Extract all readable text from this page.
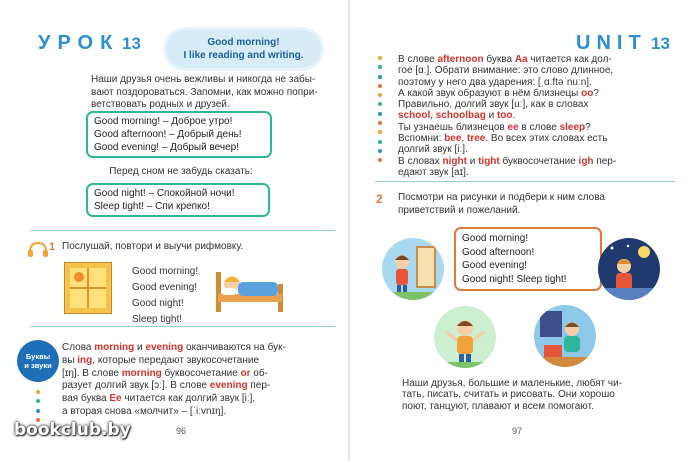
УРОК 13	Good morning!
I like reading and writing.
Наши друзья очень вежливы и никогда не забы-
вают поздороваться. Запомни, как можно попри-
ветствовать родных и друзей.
Good morning! – Доброе утро!
Good afternoon! – Добрый день!
Good evening! – Добрый вечер!
Перед сном не забудь сказать:
Good night! – Спокойной ночи!
Sleep tight! – Спи крепко!
1 Послушай, повтори и выучи рифмовку.
Good morning!
Good evening!
Good night!
Sleep tight!
Буквы
и звуки
Слова morning и evening оканчиваются на бук-
вы ing, которые передают звукосочетание
[ɪŋ]. В слове morning буквосочетание or об-
разует долгий звук [ɔː]. В слове evening пер-
вая буква Ee читается как долгий звук [iː],
а вторая снова «молчит» – [ˈiːvnɪŋ].
96
UNIT 13
В слове afternoon буква Aa читается как дол-
гое [ɑː]. Обрати внимание: это слово длинное,
поэтому у него два ударения: [ˌɑːftəˈnuːn].
А какой звук образуют в нём близнецы oo?
Правильно, долгий звук [uː], как в словах
school, schoolbag и too.
Ты узнаешь близнецов ee в слове sleep?
Вспомни: bee, tree. Во всех этих словах есть
долгий звук [iː].
В словах night и tight буквосочетание igh пер-
едают звук [aɪ].
2 Посмотри на рисунки и подбери к ним слова
приветствий и пожеланий.
Good morning!
Good afternoon!
Good evening!
Good night! Sleep tight!
Наши друзья, большие и маленькие, любят чи-
тать, писать, считать и рисовать. Они хорошо
поют, танцуют, плавают и всем помогают.
97
bookclub.by
